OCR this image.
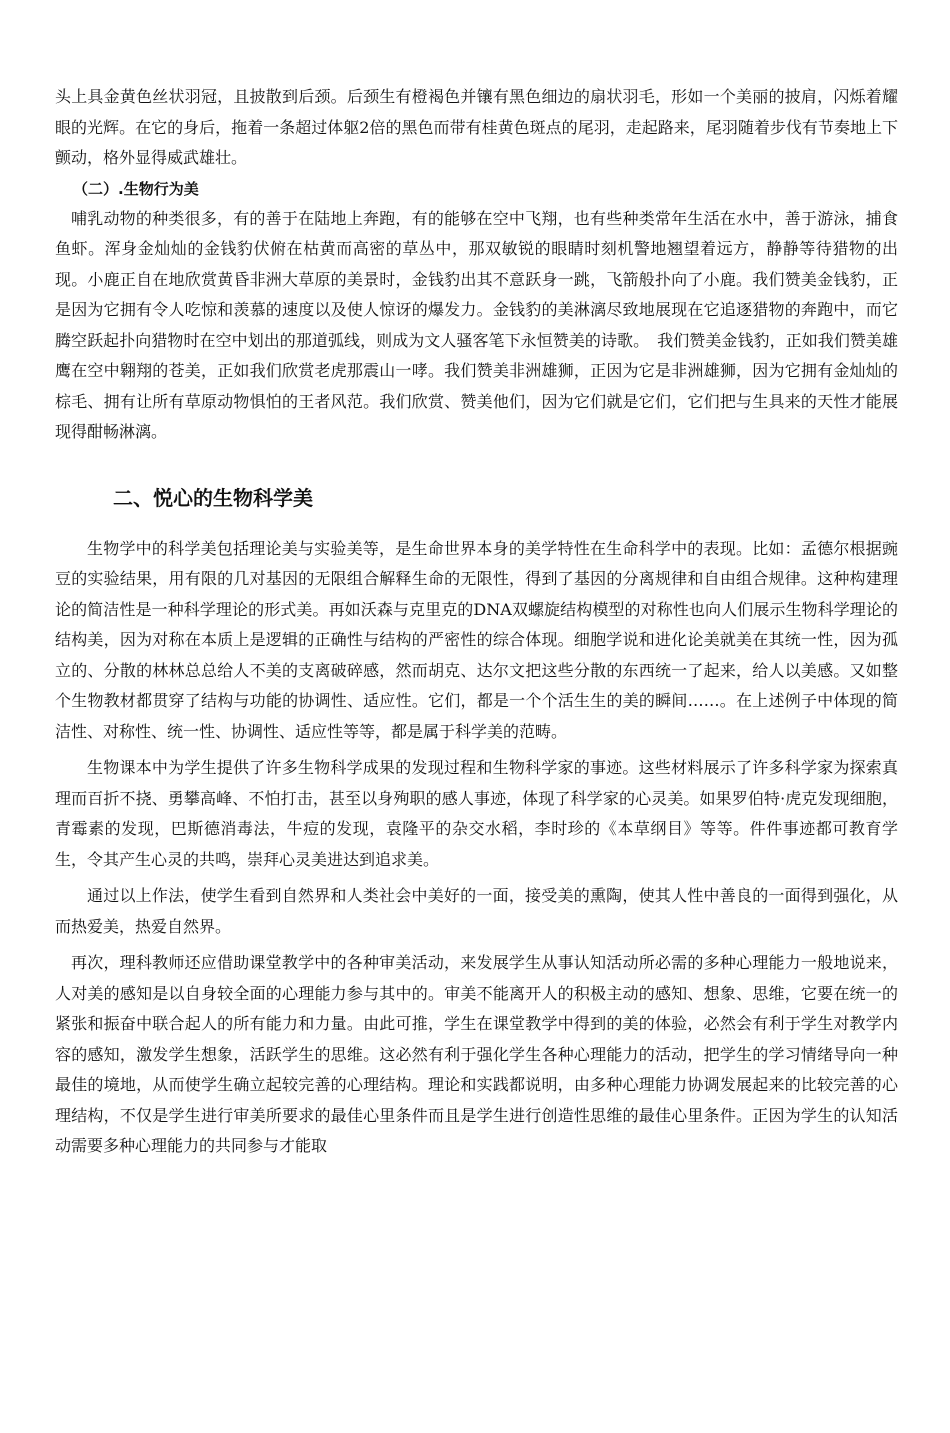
头上具金黄色丝状羽冠，且披散到后颈。后颈生有橙褐色并镶有黑色细边的扇状羽毛，形如一个美丽的披肩，闪烁着耀眼的光辉。在它的身后，拖着一条超过体躯2倍的黑色而带有桂黄色斑点的尾羽，走起路来，尾羽随着步伐有节奏地上下颤动，格外显得威武雄壮。

（二）.生物行为美

哺乳动物的种类很多，有的善于在陆地上奔跑，有的能够在空中飞翔，也有些种类常年生活在水中，善于游泳，捕食鱼虾。浑身金灿灿的金钱豹伏俯在枯黄而高密的草丛中，那双敏锐的眼睛时刻机警地翘望着远方，静静等待猎物的出现。小鹿正自在地欣赏黄昏非洲大草原的美景时，金钱豹出其不意跃身一跳，飞箭般扑向了小鹿。我们赞美金钱豹，正是因为它拥有令人吃惊和羡慕的速度以及使人惊讶的爆发力。金钱豹的美淋漓尽致地展现在它追逐猎物的奔跑中，而它腾空跃起扑向猎物时在空中划出的那道弧线，则成为文人骚客笔下永恒赞美的诗歌。　我们赞美金钱豹，正如我们赞美雄鹰在空中翱翔的苍美，正如我们欣赏老虎那震山一哮。我们赞美非洲雄狮，正因为它是非洲雄狮，因为它拥有金灿灿的棕毛、拥有让所有草原动物惧怕的王者风范。我们欣赏、赞美他们，因为它们就是它们，它们把与生具来的天性才能展现得酣畅淋漓。

二、悦心的生物科学美

生物学中的科学美包括理论美与实验美等，是生命世界本身的美学特性在生命科学中的表现。比如：孟德尔根据豌豆的实验结果，用有限的几对基因的无限组合解释生命的无限性，得到了基因的分离规律和自由组合规律。这种构建理论的简洁性是一种科学理论的形式美。再如沃森与克里克的DNA双螺旋结构模型的对称性也向人们展示生物科学理论的结构美，因为对称在本质上是逻辑的正确性与结构的严密性的综合体现。细胞学说和进化论美就美在其统一性，因为孤立的、分散的林林总总给人不美的支离破碎感，然而胡克、达尔文把这些分散的东西统一了起来，给人以美感。又如整个生物教材都贯穿了结构与功能的协调性、适应性。它们，都是一个个活生生的美的瞬间……。在上述例子中体现的简洁性、对称性、统一性、协调性、适应性等等，都是属于科学美的范畴。

生物课本中为学生提供了许多生物科学成果的发现过程和生物科学家的事迹。这些材料展示了许多科学家为探索真理而百折不挠、勇攀高峰、不怕打击，甚至以身殉职的感人事迹，体现了科学家的心灵美。如果罗伯特·虎克发现细胞，青霉素的发现，巴斯德消毒法，牛痘的发现，袁隆平的杂交水稻，李时珍的《本草纲目》等等。件件事迹都可教育学生，令其产生心灵的共鸣，崇拜心灵美进达到追求美。

通过以上作法，使学生看到自然界和人类社会中美好的一面，接受美的熏陶，使其人性中善良的一面得到强化，从而热爱美，热爱自然界。

再次，理科教师还应借助课堂教学中的各种审美活动，来发展学生从事认知活动所必需的多种心理能力一般地说来，人对美的感知是以自身较全面的心理能力参与其中的。审美不能离开人的积极主动的感知、想象、思维，它要在统一的紧张和振奋中联合起人的所有能力和力量。由此可推，学生在课堂教学中得到的美的体验，必然会有利于学生对教学内容的感知，激发学生想象，活跃学生的思维。这必然有利于强化学生各种心理能力的活动，把学生的学习情绪导向一种最佳的境地，从而使学生确立起较完善的心理结构。理论和实践都说明，由多种心理能力协调发展起来的比较完善的心理结构，不仅是学生进行审美所要求的最佳心里条件而且是学生进行创造性思维的最佳心里条件。正因为学生的认知活动需要多种心理能力的共同参与才能取
